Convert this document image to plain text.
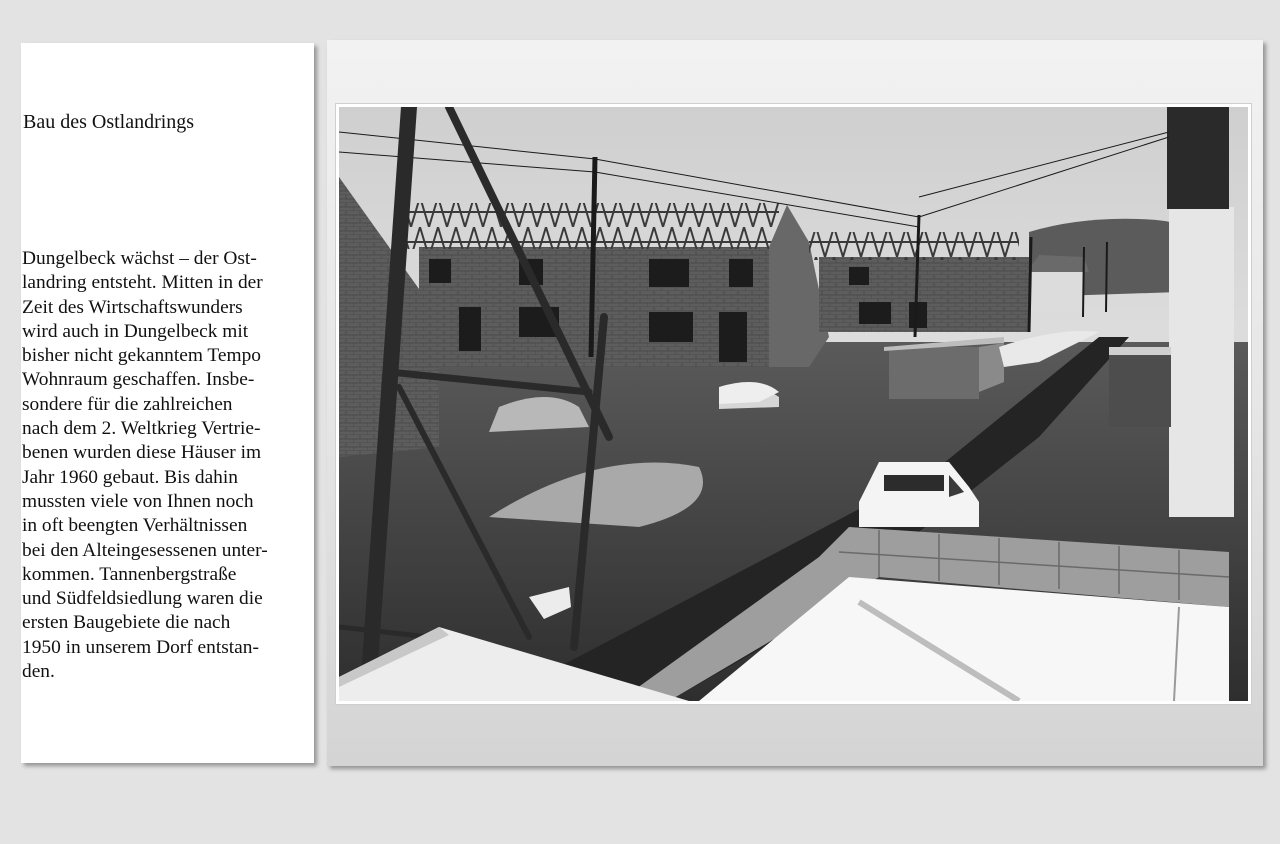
Bau des Ostlandrings
Dungelbeck wächst – der Ost-
landring entsteht. Mitten in der
Zeit des Wirtschaftswunders
wird auch in Dungelbeck mit
bisher nicht gekanntem Tempo
Wohnraum geschaffen. Insbe-
sondere für die zahlreichen
nach dem 2. Weltkrieg Vertrie-
benen wurden diese Häuser im
Jahr 1960 gebaut. Bis dahin
mussten viele von Ihnen noch
in oft beengten Verhältnissen
bei den Alteingesessenen unter-
kommen. Tannenbergstraße
und Südfeldsiedlung waren die
ersten Baugebiete die nach
1950 in unserem Dorf entstan-
den.
